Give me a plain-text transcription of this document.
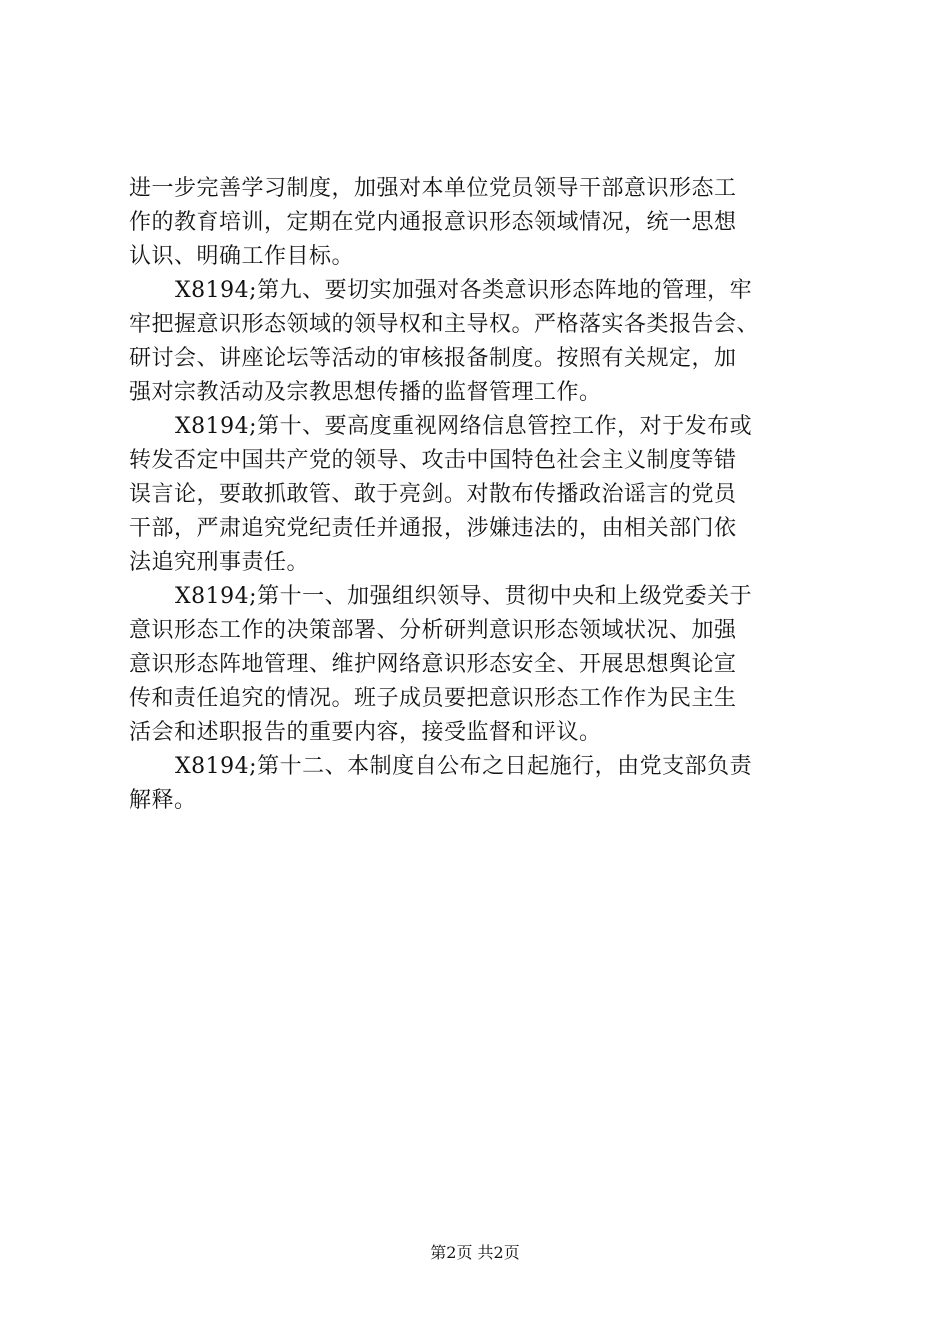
进一步完善学习制度，加强对本单位党员领导干部意识形态工
作的教育培训，定期在党内通报意识形态领域情况，统一思想
认识、明确工作目标。
X8194;第九、要切实加强对各类意识形态阵地的管理，牢
牢把握意识形态领域的领导权和主导权。严格落实各类报告会、
研讨会、讲座论坛等活动的审核报备制度。按照有关规定，加
强对宗教活动及宗教思想传播的监督管理工作。
X8194;第十、要高度重视网络信息管控工作，对于发布或
转发否定中国共产党的领导、攻击中国特色社会主义制度等错
误言论，要敢抓敢管、敢于亮剑。对散布传播政治谣言的党员
干部，严肃追究党纪责任并通报，涉嫌违法的，由相关部门依
法追究刑事责任。
X8194;第十一、加强组织领导、贯彻中央和上级党委关于
意识形态工作的决策部署、分析研判意识形态领域状况、加强
意识形态阵地管理、维护网络意识形态安全、开展思想舆论宣
传和责任追究的情况。班子成员要把意识形态工作作为民主生
活会和述职报告的重要内容，接受监督和评议。
X8194;第十二、本制度自公布之日起施行，由党支部负责
解释。
第2页 共2页
